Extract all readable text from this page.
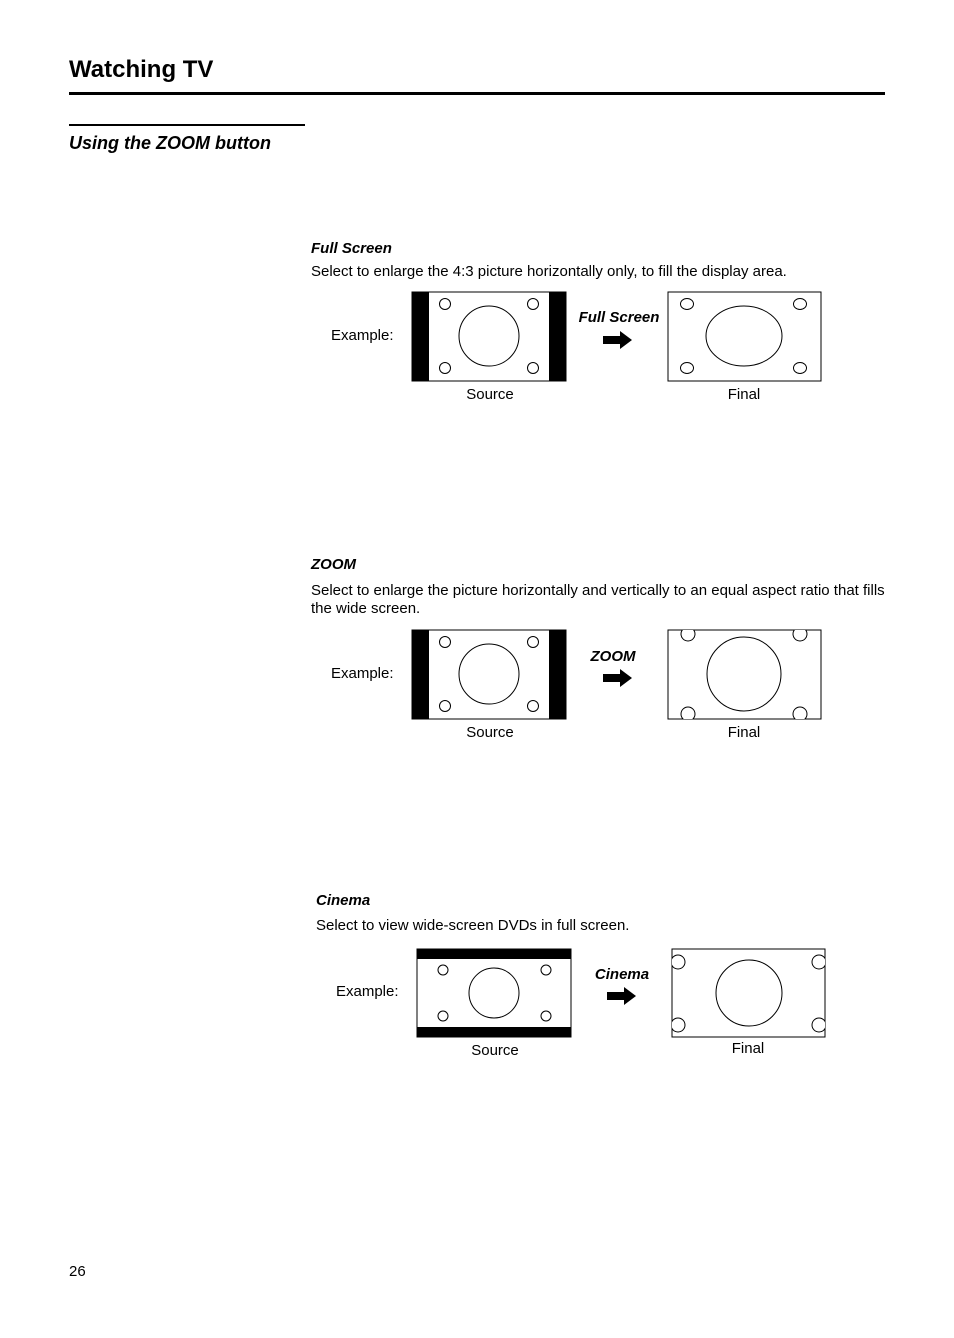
Watching TV
Using the ZOOM button

Full Screen

Select to enlarge the 4:3 picture horizontally only, to fill the display area.

Example:
Source
Full Screen
Final

ZOOM

Select to enlarge the picture horizontally and vertically to an equal aspect ratio that fills the wide screen.

Example:
Source
ZOOM
Final

Cinema

Select to view wide-screen DVDs in full screen.

Example:
Source
Cinema
Final
26
